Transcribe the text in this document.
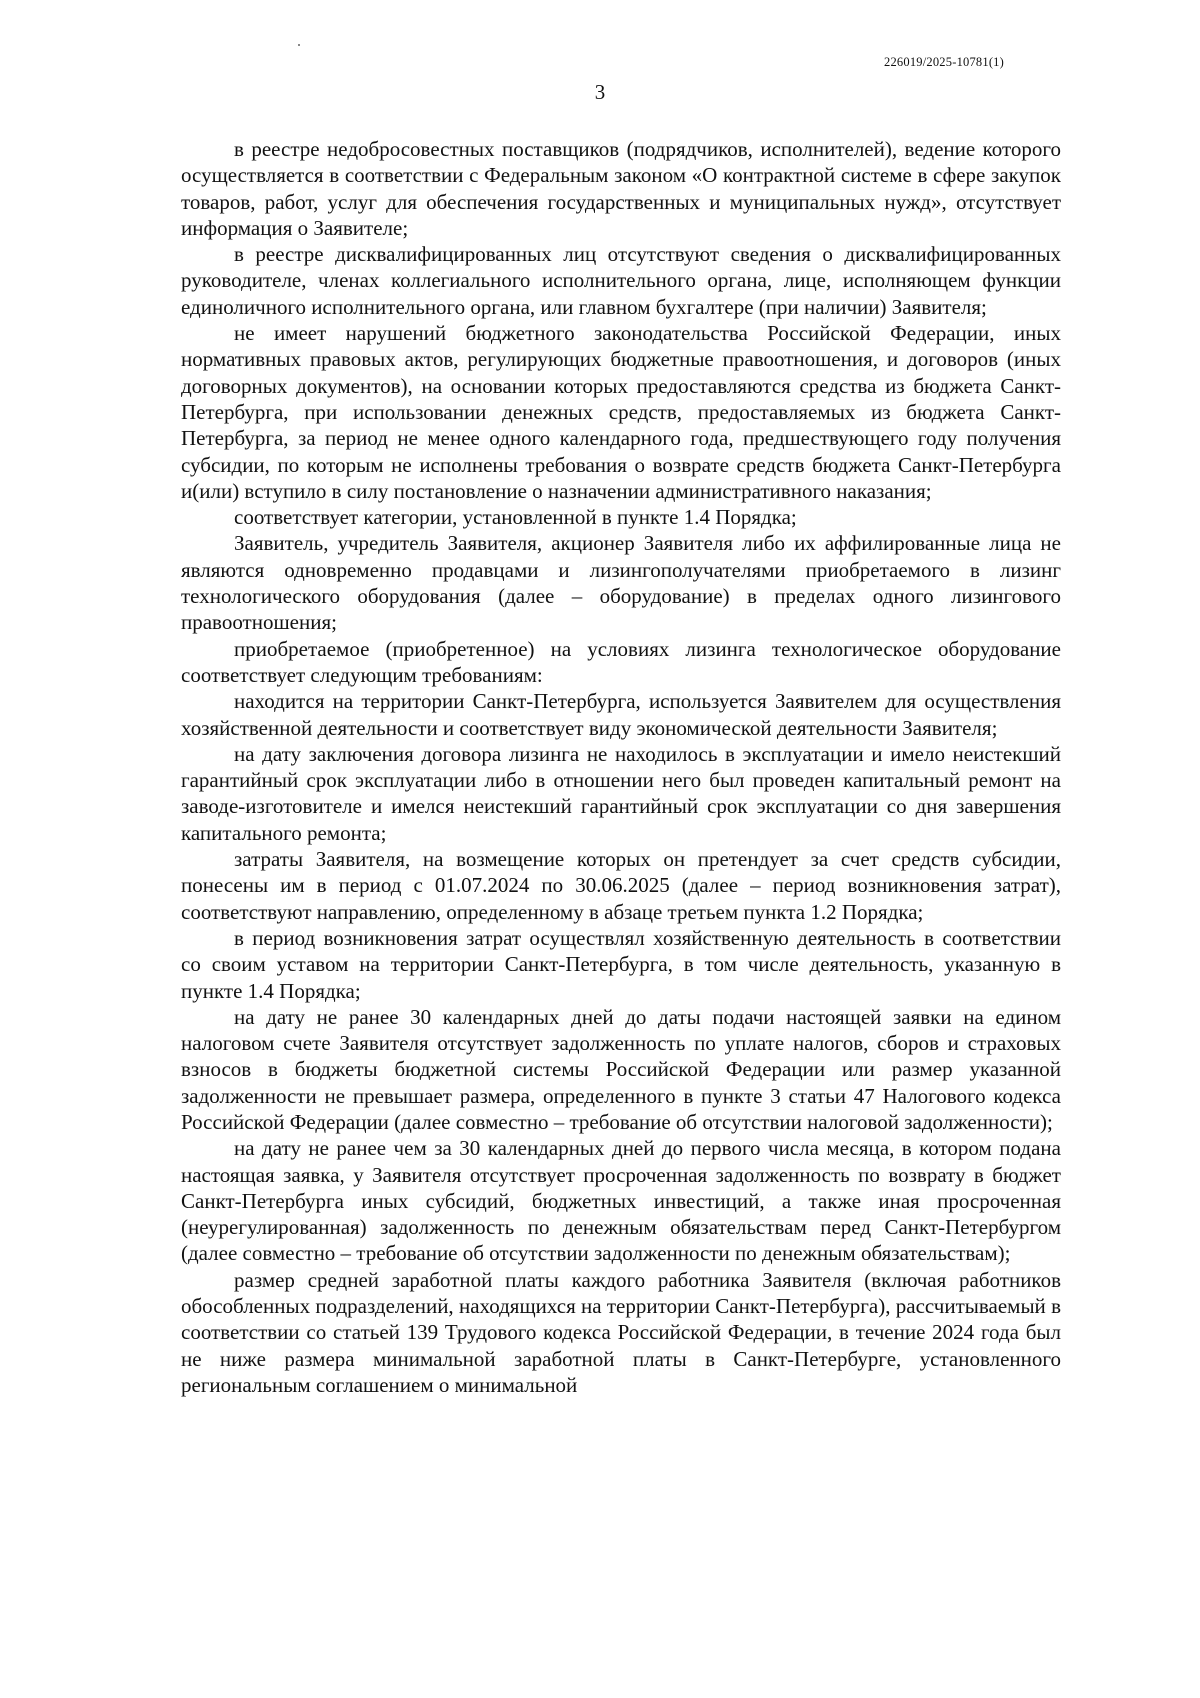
226019/2025-10781(1)
3

в реестре недобросовестных поставщиков (подрядчиков, исполнителей), ведение которого осуществляется в соответствии с Федеральным законом «О контрактной системе в сфере закупок товаров, работ, услуг для обеспечения государственных и муниципальных нужд», отсутствует информация о Заявителе;

в реестре дисквалифицированных лиц отсутствуют сведения о дисквалифицированных руководителе, членах коллегиального исполнительного органа, лице, исполняющем функции единоличного исполнительного органа, или главном бухгалтере (при наличии) Заявителя;

не имеет нарушений бюджетного законодательства Российской Федерации, иных нормативных правовых актов, регулирующих бюджетные правоотношения, и договоров (иных договорных документов), на основании которых предоставляются средства из бюджета Санкт-Петербурга, при использовании денежных средств, предоставляемых из бюджета Санкт-Петербурга, за период не менее одного календарного года, предшествующего году получения субсидии, по которым не исполнены требования о возврате средств бюджета Санкт-Петербурга и(или) вступило в силу постановление о назначении административного наказания;

соответствует категории, установленной в пункте 1.4 Порядка;

Заявитель, учредитель Заявителя, акционер Заявителя либо их аффилированные лица не являются одновременно продавцами и лизингополучателями приобретаемого в лизинг технологического оборудования (далее – оборудование) в пределах одного лизингового правоотношения;

приобретаемое (приобретенное) на условиях лизинга технологическое оборудование соответствует следующим требованиям:

находится на территории Санкт-Петербурга, используется Заявителем для осуществления хозяйственной деятельности и соответствует виду экономической деятельности Заявителя;

на дату заключения договора лизинга не находилось в эксплуатации и имело неистекший гарантийный срок эксплуатации либо в отношении него был проведен капитальный ремонт на заводе-изготовителе и имелся неистекший гарантийный срок эксплуатации со дня завершения капитального ремонта;

затраты Заявителя, на возмещение которых он претендует за счет средств субсидии, понесены им в период с 01.07.2024 по 30.06.2025 (далее – период возникновения затрат), соответствуют направлению, определенному в абзаце третьем пункта 1.2 Порядка;

в период возникновения затрат осуществлял хозяйственную деятельность в соответствии со своим уставом на территории Санкт-Петербурга, в том числе деятельность, указанную в пункте 1.4 Порядка;

на дату не ранее 30 календарных дней до даты подачи настоящей заявки на едином налоговом счете Заявителя отсутствует задолженность по уплате налогов, сборов и страховых взносов в бюджеты бюджетной системы Российской Федерации или размер указанной задолженности не превышает размера, определенного в пункте 3 статьи 47 Налогового кодекса Российской Федерации (далее совместно – требование об отсутствии налоговой задолженности);

на дату не ранее чем за 30 календарных дней до первого числа месяца, в котором подана настоящая заявка, у Заявителя отсутствует просроченная задолженность по возврату в бюджет Санкт-Петербурга иных субсидий, бюджетных инвестиций, а также иная просроченная (неурегулированная) задолженность по денежным обязательствам перед Санкт-Петербургом (далее совместно – требование об отсутствии задолженности по денежным обязательствам);

размер средней заработной платы каждого работника Заявителя (включая работников обособленных подразделений, находящихся на территории Санкт-Петербурга), рассчитываемый в соответствии со статьей 139 Трудового кодекса Российской Федерации, в течение 2024 года был не ниже размера минимальной заработной платы в Санкт-Петербурге, установленного региональным соглашением о минимальной
